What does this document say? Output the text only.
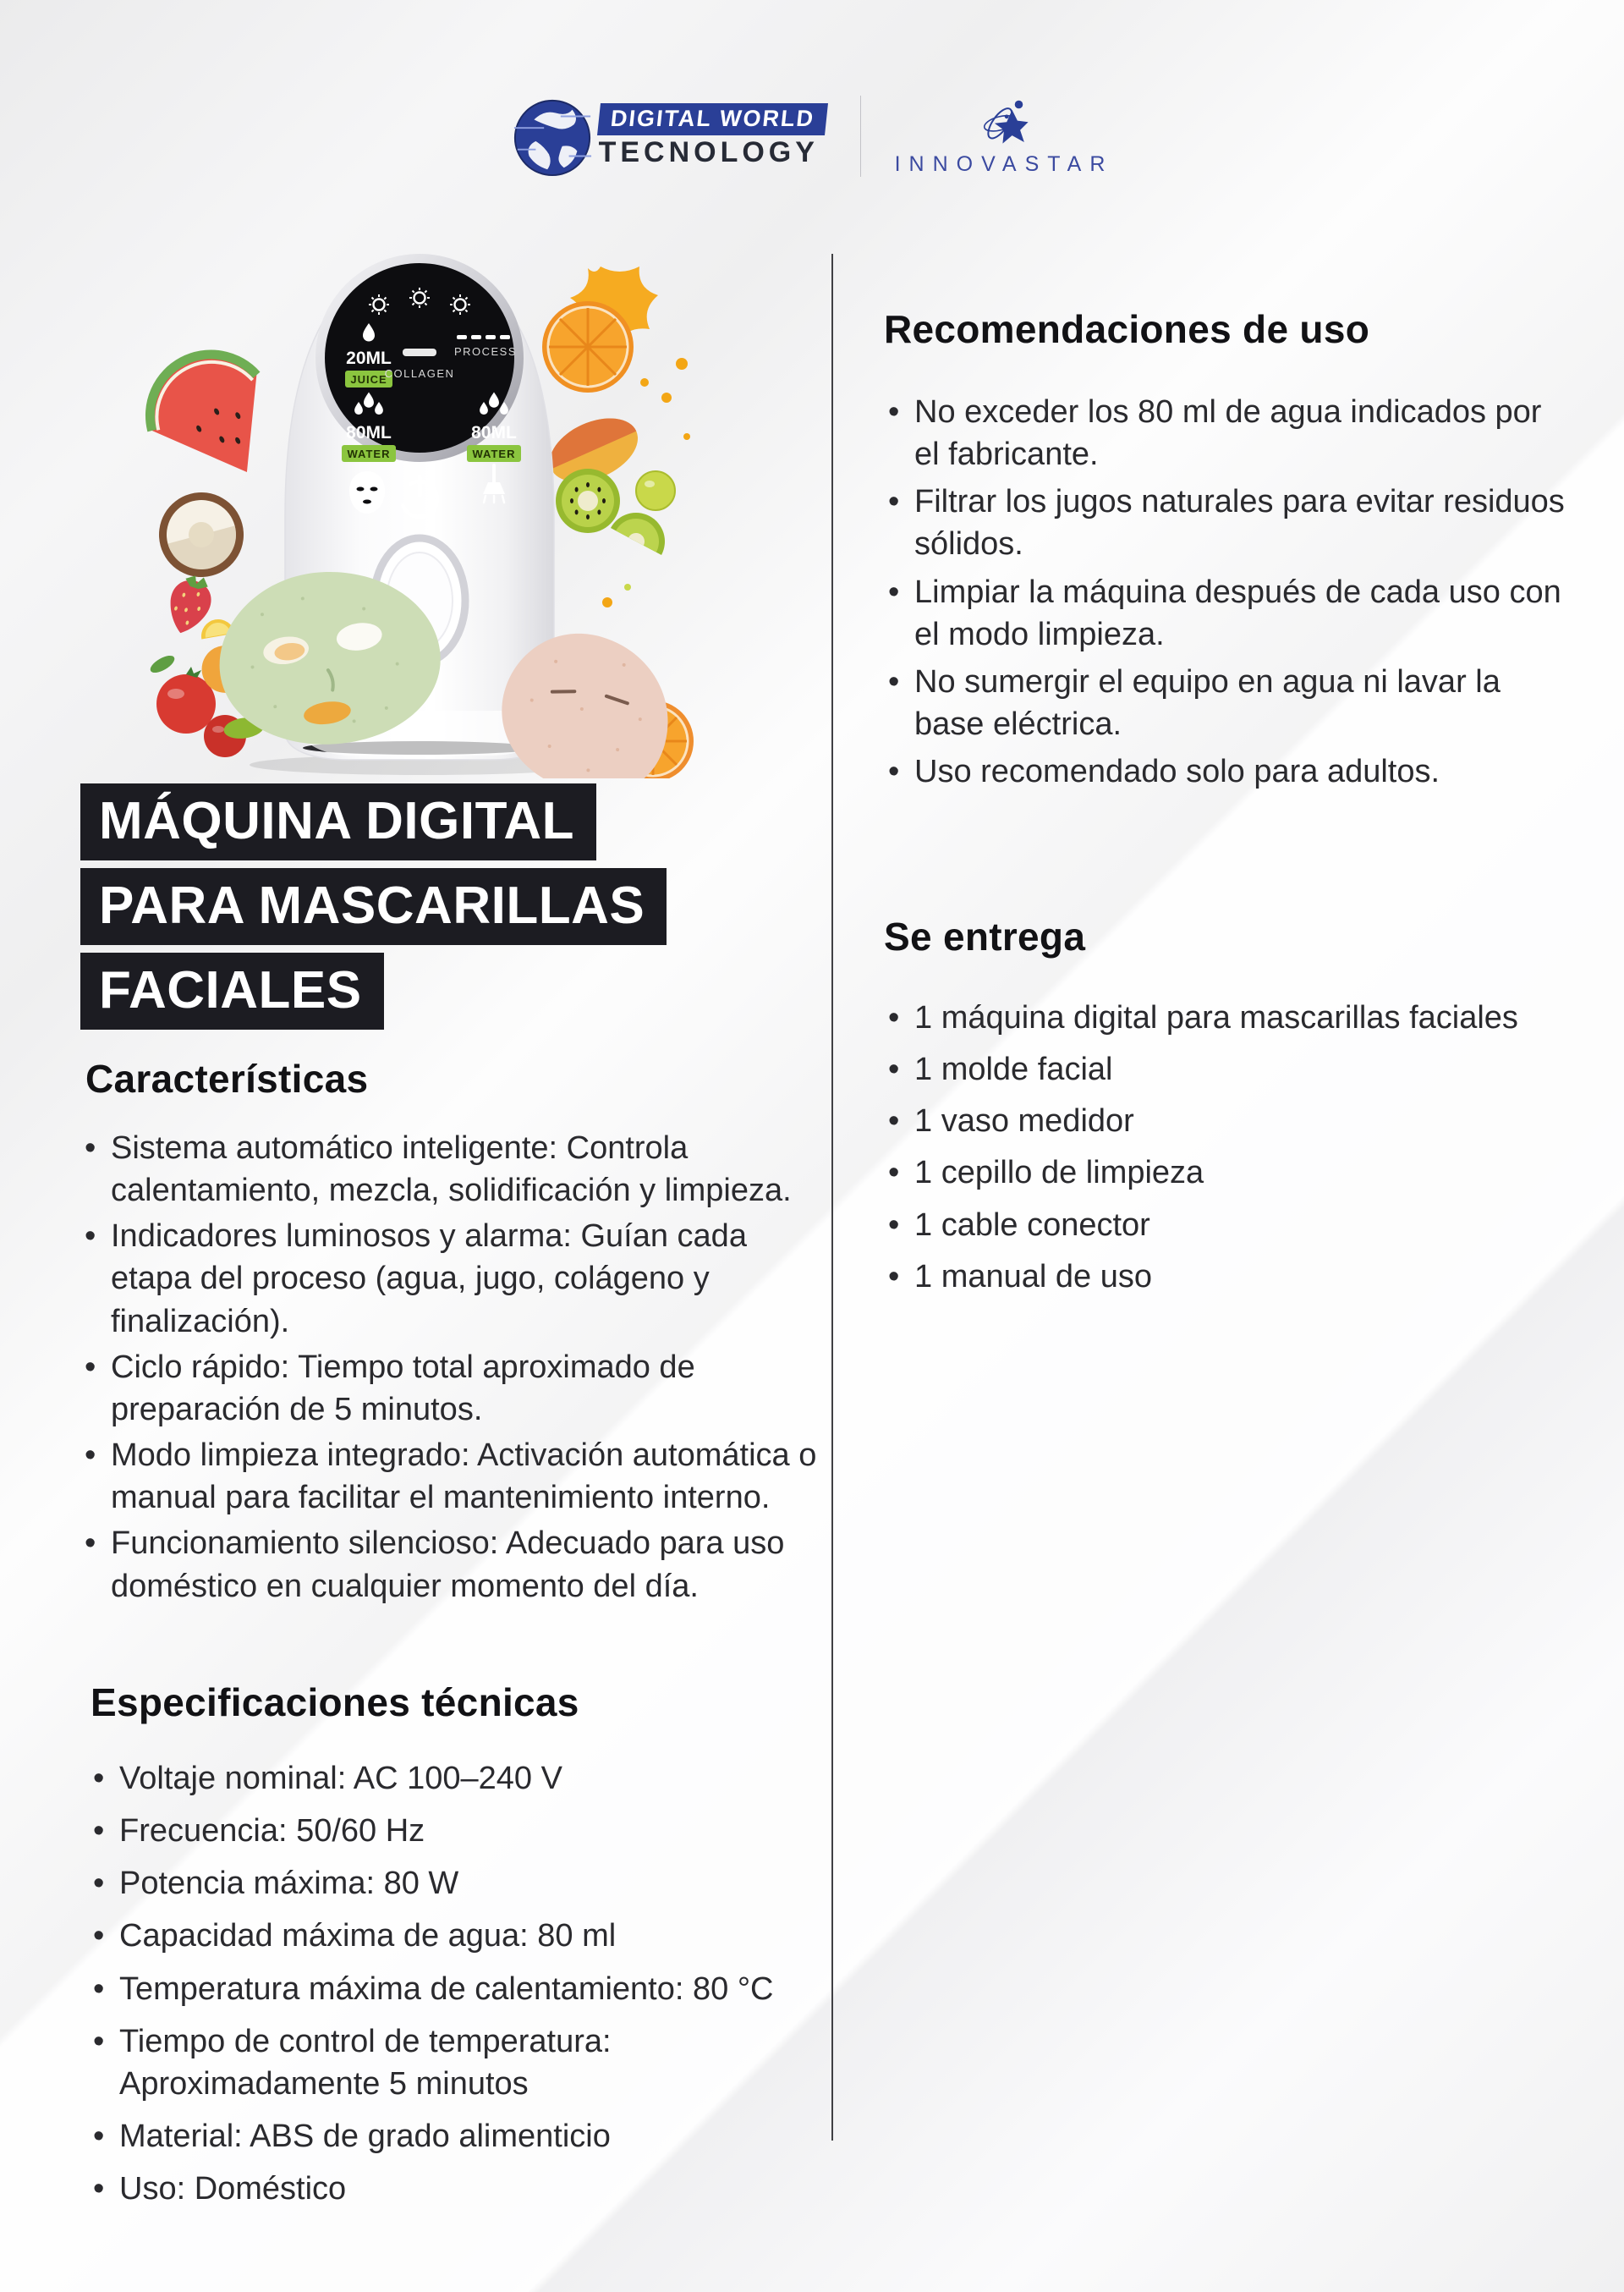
DIGITAL WORLD
TECNOLOGY	INNOVASTAR
20ML
JUICE
COLLAGEN
PROCESS
80ML
WATER
80ML
WATER
MÁQUINA DIGITAL
PARA MASCARILLAS
FACIALES
Características
• Sistema automático inteligente: Controla calentamiento, mezcla, solidificación y limpieza.
• Indicadores luminosos y alarma: Guían cada etapa del proceso (agua, jugo, colágeno y finalización).
• Ciclo rápido: Tiempo total aproximado de preparación de 5 minutos.
• Modo limpieza integrado: Activación automática o manual para facilitar el mantenimiento interno.
• Funcionamiento silencioso: Adecuado para uso doméstico en cualquier momento del día.
Especificaciones técnicas
• Voltaje nominal: AC 100–240 V
• Frecuencia: 50/60 Hz
• Potencia máxima: 80 W
• Capacidad máxima de agua: 80 ml
• Temperatura máxima de calentamiento: 80 °C
• Tiempo de control de temperatura: Aproximadamente 5 minutos
• Material: ABS de grado alimenticio
• Uso: Doméstico
Recomendaciones de uso
• No exceder los 80 ml de agua indicados por el fabricante.
• Filtrar los jugos naturales para evitar residuos sólidos.
• Limpiar la máquina después de cada uso con el modo limpieza.
• No sumergir el equipo en agua ni lavar la base eléctrica.
• Uso recomendado solo para adultos.
Se entrega
• 1 máquina digital para mascarillas faciales
• 1 molde facial
• 1 vaso medidor
• 1 cepillo de limpieza
• 1 cable conector
• 1 manual de uso
